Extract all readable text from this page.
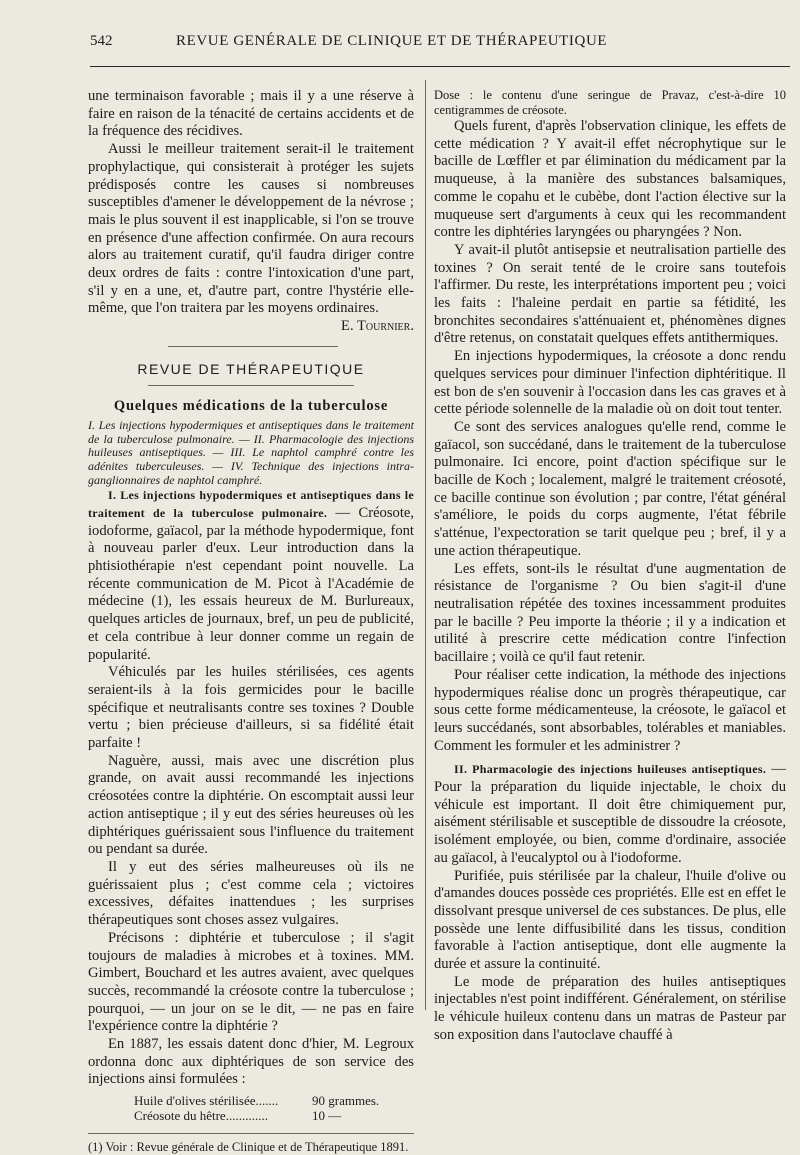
542	REVUE GENÉRALE DE CLINIQUE ET DE THÉRAPEUTIQUE

une terminaison favorable ; mais il y a une réserve à faire en raison de la ténacité de certains accidents et de la fréquence des récidives.

Aussi le meilleur traitement serait-il le traitement prophylactique, qui consisterait à protéger les sujets prédisposés contre les causes si nombreuses susceptibles d'amener le développement de la névrose ; mais le plus souvent il est inapplicable, si l'on se trouve en présence d'une affection confirmée. On aura recours alors au traitement curatif, qu'il faudra diriger contre deux ordres de faits : contre l'intoxication d'une part, s'il y en a une, et, d'autre part, contre l'hystérie elle-même, que l'on traitera par les moyens ordinaires.

E. Tournier.

REVUE DE THÉRAPEUTIQUE
Quelques médications de la tuberculose

I. Les injections hypodermiques et antiseptiques dans le traitement de la tuberculose pulmonaire. — II. Pharmacologie des injections huileuses antiseptiques. — III. Le naphtol camphré contre les adénites tuberculeuses. — IV. Technique des injections intra-ganglionnaires de naphtol camphré.

I. Les injections hypodermiques et antiseptiques dans le traitement de la tuberculose pulmonaire. — Créosote, iodoforme, gaïacol, par la méthode hypodermique, font à nouveau parler d'eux. Leur introduction dans la phtisiothérapie n'est cependant point nouvelle. La récente communication de M. Picot à l'Académie de médecine (1), les essais heureux de M. Burlureaux, quelques articles de journaux, bref, un peu de publicité, et cela contribue à leur donner comme un regain de popularité.

Véhiculés par les huiles stérilisées, ces agents seraient-ils à la fois germicides pour le bacille spécifique et neutralisants contre ses toxines ? Double vertu ; bien précieuse d'ailleurs, si sa fidélité était parfaite !

Naguère, aussi, mais avec une discrétion plus grande, on avait aussi recommandé les injections créosotées contre la diphtérie. On escomptait aussi leur action antiseptique ; il y eut des séries heureuses où les diphtériques guérissaient sous l'influence du traitement ou pendant sa durée.

Il y eut des séries malheureuses où ils ne guérissaient plus ; c'est comme cela ; victoires excessives, défaites inattendues ; les surprises thérapeutiques sont choses assez vulgaires.

Précisons : diphtérie et tuberculose ; il s'agit toujours de maladies à microbes et à toxines. MM. Gimbert, Bouchard et les autres avaient, avec quelques succès, recommandé la créosote contre la tuberculose ; pourquoi, — un jour on se le dit, — ne pas en faire l'expérience contre la diphtérie ?

En 1887, les essais datent donc d'hier, M. Legroux ordonna donc aux diphtériques de son service des injections ainsi formulées :

Huile d'olives stérilisée.......	90 grammes.
Créosote du hêtre.............	10 —

(1) Voir : Revue générale de Clinique et de Thérapeutique 1891.

Dose : le contenu d'une seringue de Pravaz, c'est-à-dire 10 centigrammes de créosote.

Quels furent, d'après l'observation clinique, les effets de cette médication ? Y avait-il effet nécrophytique sur le bacille de Lœffler et par élimination du médicament par la muqueuse, à la manière des substances balsamiques, comme le copahu et le cubèbe, dont l'action élective sur la muqueuse sert d'arguments à ceux qui les recommandent contre les diphtéries laryngées ou pharyngées ? Non.

Y avait-il plutôt antisepsie et neutralisation partielle des toxines ? On serait tenté de le croire sans toutefois l'affirmer. Du reste, les interprétations importent peu ; voici les faits : l'haleine perdait en partie sa fétidité, les bronchites secondaires s'atténuaient et, phénomènes dignes d'être retenus, on constatait quelques effets antithermiques.

En injections hypodermiques, la créosote a donc rendu quelques services pour diminuer l'infection diphtéritique. Il est bon de s'en souvenir à l'occasion dans les cas graves et à cette période solennelle de la maladie où on doit tout tenter.

Ce sont des services analogues qu'elle rend, comme le gaïacol, son succédané, dans le traitement de la tuberculose pulmonaire. Ici encore, point d'action spécifique sur le bacille de Koch ; localement, malgré le traitement créosoté, ce bacille continue son évolution ; par contre, l'état général s'améliore, le poids du corps augmente, l'état fébrile s'atténue, l'expectoration se tarit quelque peu ; bref, il y a une action thérapeutique.

Les effets, sont-ils le résultat d'une augmentation de résistance de l'organisme ? Ou bien s'agit-il d'une neutralisation répétée des toxines incessamment produites par le bacille ? Peu importe la théorie ; il y a indication et utilité à prescrire cette médication contre l'infection bacillaire ; voilà ce qu'il faut retenir.

Pour réaliser cette indication, la méthode des injections hypodermiques réalise donc un progrès thérapeutique, car sous cette forme médicamenteuse, la créosote, le gaïacol et leurs succédanés, sont absorbables, tolérables et maniables. Comment les formuler et les administrer ?

II. Pharmacologie des injections huileuses antiseptiques. — Pour la préparation du liquide injectable, le choix du véhicule est important. Il doit être chimiquement pur, aisément stérilisable et susceptible de dissoudre la créosote, isolément employée, ou bien, comme d'ordinaire, associée au gaïacol, à l'eucalyptol ou à l'iodoforme.

Purifiée, puis stérilisée par la chaleur, l'huile d'olive ou d'amandes douces possède ces propriétés. Elle est en effet le dissolvant presque universel de ces substances. De plus, elle possède une lente diffusibilité dans les tissus, condition favorable à l'action antiseptique, dont elle augmente la durée et assure la continuité.

Le mode de préparation des huiles antiseptiques injectables n'est point indifférent. Généralement, on stérilise le véhicule huileux contenu dans un matras de Pasteur par son exposition dans l'autoclave chauffé à
